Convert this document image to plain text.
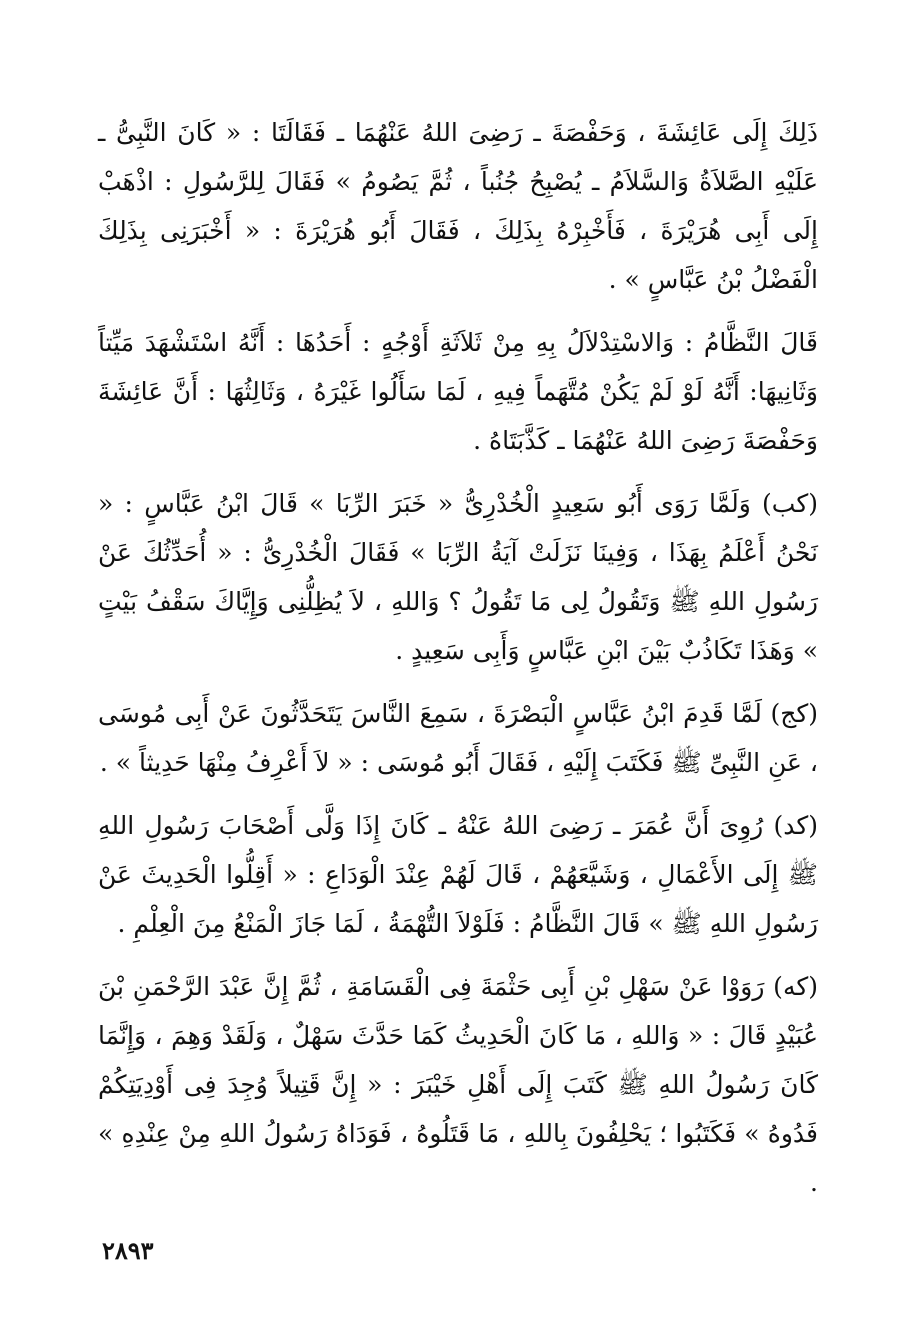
ذَلِكَ إِلَى عَائِشَةَ ، وَحَفْصَةَ ـ رَضِىَ اللهُ عَنْهُمَا ـ فَقَالَتَا : « كَانَ النَّبِىُّ ـ عَلَيْهِ الصَّلاَةُ وَالسَّلاَمُ ـ يُصْبِحُ جُنُباً ، ثُمَّ يَصُومُ » فَقَالَ لِلرَّسُولِ : اذْهَبْ إِلَى أَبِى هُرَيْرَةَ ، فَأَخْبِرْهُ بِذَلِكَ ، فَقَالَ أَبُو هُرَيْرَةَ : « أَخْبَرَنِى بِذَلِكَ الْفَضْلُ بْنُ عَبَّاسٍ » .

قَالَ النَّظَّامُ : وَالاسْتِدْلاَلُ بِهِ مِنْ ثَلاَثَةِ أَوْجُهٍ : أَحَدُهَا : أَنَّهُ اسْتَشْهَدَ مَيِّتاً وَثَانِيهَا: أَنَّهُ لَوْ لَمْ يَكُنْ مُتَّهَماً فِيهِ ، لَمَا سَأَلُوا غَيْرَهُ ، وَثَالِثُهَا : أَنَّ عَائِشَةَ وَحَفْصَةَ رَضِىَ اللهُ عَنْهُمَا ـ كَذَّبَتَاهُ .

(كب) وَلَمَّا رَوَى أَبُو سَعِيدٍ الْخُدْرِىُّ « خَبَرَ الرِّبَا » قَالَ ابْنُ عَبَّاسٍ : « نَحْنُ أَعْلَمُ بِهَذَا ، وَفِينَا نَزَلَتْ آيَةُ الرِّبَا » فَقَالَ الْخُدْرِىُّ : « أُحَدِّثُكَ عَنْ رَسُولِ اللهِ ﷺ وَتَقُولُ لِى مَا تَقُولُ ؟ وَاللهِ ، لاَ يُظِلُّنِى وَإِيَّاكَ سَقْفُ بَيْتٍ » وَهَذَا تَكَاذُبٌ بَيْنَ ابْنِ عَبَّاسٍ وَأَبِى سَعِيدٍ .

(كج) لَمَّا قَدِمَ ابْنُ عَبَّاسٍ الْبَصْرَةَ ، سَمِعَ النَّاسَ يَتَحَدَّثُونَ عَنْ أَبِى مُوسَى ، عَنِ النَّبِىِّ ﷺ فَكَتَبَ إِلَيْهِ ، فَقَالَ أَبُو مُوسَى : « لاَ أَعْرِفُ مِنْهَا حَدِيثاً » .

(كد) رُوِىَ أَنَّ عُمَرَ ـ رَضِىَ اللهُ عَنْهُ ـ كَانَ إِذَا وَلَّى أَصْحَابَ رَسُولِ اللهِ ﷺ إِلَى الأَعْمَالِ ، وَشَيَّعَهُمْ ، قَالَ لَهُمْ عِنْدَ الْوَدَاعِ : « أَقِلُّوا الْحَدِيثَ عَنْ رَسُولِ اللهِ ﷺ » قَالَ النَّظَّامُ : فَلَوْلاَ التُّهْمَةُ ، لَمَا جَازَ الْمَنْعُ مِنَ الْعِلْمِ .

(كه) رَوَوْا عَنْ سَهْلِ بْنِ أَبِى حَثْمَةَ فِى الْقَسَامَةِ ، ثُمَّ إِنَّ عَبْدَ الرَّحْمَنِ بْنَ عُبَيْدٍ قَالَ : « وَاللهِ ، مَا كَانَ الْحَدِيثُ كَمَا حَدَّثَ سَهْلٌ ، وَلَقَدْ وَهِمَ ، وَإِنَّمَا كَانَ رَسُولُ اللهِ ﷺ كَتَبَ إِلَى أَهْلِ خَيْبَرَ : « إِنَّ قَتِيلاً وُجِدَ فِى أَوْدِيَتِكُمْ فَدُوهُ » فَكَتَبُوا ؛ يَحْلِفُونَ بِاللهِ ، مَا قَتَلُوهُ ، فَوَدَاهُ رَسُولُ اللهِ مِنْ عِنْدِهِ » .

٢٨٩٣
